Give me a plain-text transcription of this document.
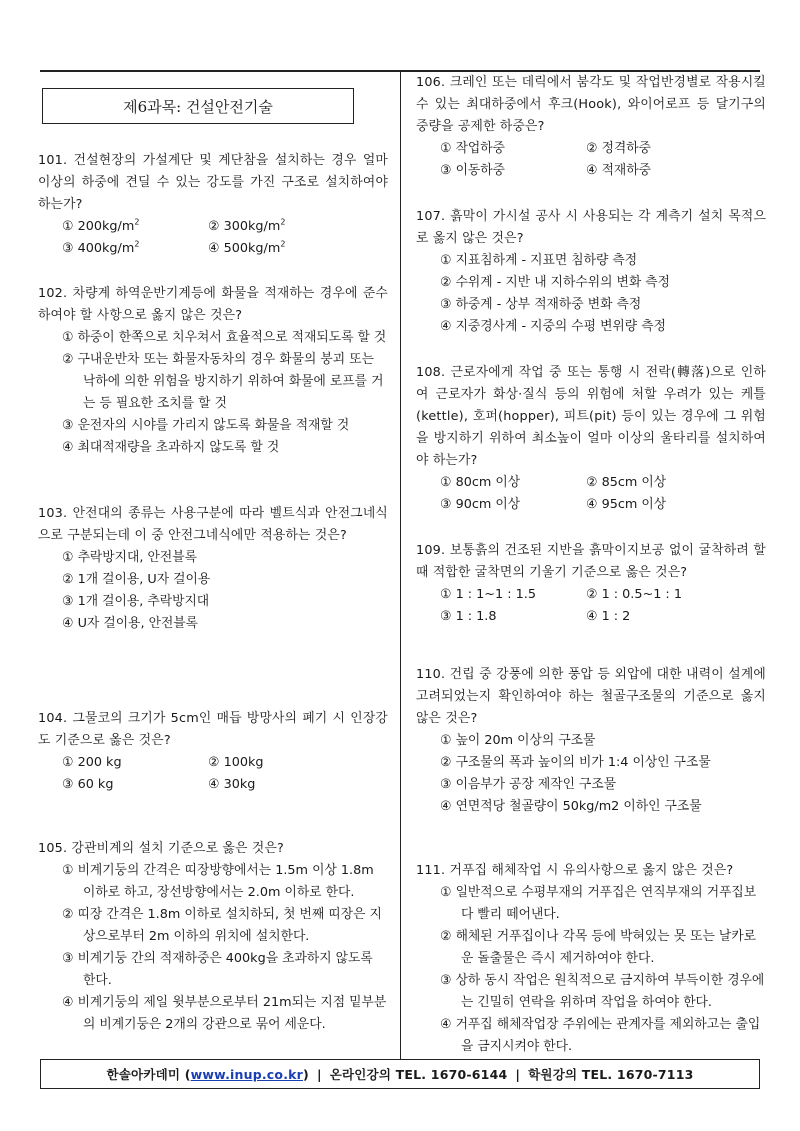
제6과목: 건설안전기술
101. 건설현장의 가설계단 및 계단참을 설치하는 경우 얼마 이상의 하중에 견딜 수 있는 강도를 가진 구조로 설치하여야 하는가?
① $200kg/m^2$	② $300kg/m^2$
③ $400kg/m^2$	④ $500kg/m^2$
102. 차량계 하역운반기계등에 화물을 적재하는 경우에 준수하여야 할 사항으로 옳지 않은 것은?
① 하중이 한쪽으로 치우쳐서 효율적으로 적재되도록 할 것
② 구내운반차 또는 화물자동차의 경우 화물의 붕괴 또는 낙하에 의한 위험을 방지하기 위하여 화물에 로프를 거는 등 필요한 조치를 할 것
③ 운전자의 시야를 가리지 않도록 화물을 적재할 것
④ 최대적재량을 초과하지 않도록 할 것
103. 안전대의 종류는 사용구분에 따라 벨트식과 안전그네식으로 구분되는데 이 중 안전그네식에만 적용하는 것은?
① 추락방지대, 안전블록
② 1개 걸이용, U자 걸이용
③ 1개 걸이용, 추락방지대
④ U자 걸이용, 안전블록
104. 그물코의 크기가 5cm인 매듭 방망사의 폐기 시 인장강도 기준으로 옳은 것은?
① 200 kg	② 100kg
③ 60 kg	④ 30kg
105. 강관비계의 설치 기준으로 옳은 것은?
① 비계기둥의 간격은 띠장방향에서는 1.5m 이상 1.8m 이하로 하고, 장선방향에서는 2.0m 이하로 한다.
② 띠장 간격은 1.8m 이하로 설치하되, 첫 번째 띠장은 지상으로부터 2m 이하의 위치에 설치한다.
③ 비계기둥 간의 적재하중은 400kg을 초과하지 않도록 한다.
④ 비계기둥의 제일 윗부분으로부터 21m되는 지점 밑부분의 비계기둥은 2개의 강관으로 묶어 세운다.
106. 크레인 또는 데릭에서 붐각도 및 작업반경별로 작용시킬 수 있는 최대하중에서 후크(Hook), 와이어로프 등 달기구의 중량을 공제한 하중은?
① 작업하중	② 정격하중
③ 이동하중	④ 적재하중
107. 흙막이 가시설 공사 시 사용되는 각 계측기 설치 목적으로 옳지 않은 것은?
① 지표침하계 - 지표면 침하량 측정
② 수위계 - 지반 내 지하수위의 변화 측정
③ 하중계 - 상부 적재하중 변화 측정
④ 지중경사계 - 지중의 수평 변위량 측정
108. 근로자에게 작업 중 또는 통행 시 전락(轉落)으로 인하여 근로자가 화상·질식 등의 위험에 처할 우려가 있는 케틀(kettle), 호퍼(hopper), 피트(pit) 등이 있는 경우에 그 위험을 방지하기 위하여 최소높이 얼마 이상의 울타리를 설치하여야 하는가?
① 80cm 이상	② 85cm 이상
③ 90cm 이상	④ 95cm 이상
109. 보통흙의 건조된 지반을 흙막이지보공 없이 굴착하려 할 때 적합한 굴착면의 기울기 기준으로 옳은 것은?
① 1 : 1~1 : 1.5	② 1 : 0.5~1 : 1
③ 1 : 1.8	④ 1 : 2
110. 건립 중 강풍에 의한 풍압 등 외압에 대한 내력이 설계에 고려되었는지 확인하여야 하는 철골구조물의 기준으로 옳지 않은 것은?
① 높이 20m 이상의 구조물
② 구조물의 폭과 높이의 비가 1:4 이상인 구조물
③ 이음부가 공장 제작인 구조물
④ 연면적당 철골량이 50kg/m2 이하인 구조물
111. 거푸집 해체작업 시 유의사항으로 옳지 않은 것은?
① 일반적으로 수평부재의 거푸집은 연직부재의 거푸집보다 빨리 떼어낸다.
② 해체된 거푸집이나 각목 등에 박혀있는 못 또는 날카로운 돌출물은 즉시 제거하여야 한다.
③ 상하 동시 작업은 원칙적으로 금지하여 부득이한 경우에는 긴밀히 연락을 위하며 작업을 하여야 한다.
④ 거푸집 해체작업장 주위에는 관계자를 제외하고는 출입을 금지시켜야 한다.
한솔아카데미
( www.inup.co.kr ) | 온라인강의 TEL. 1670-6144 | 학원강의 TEL. 1670-7113
